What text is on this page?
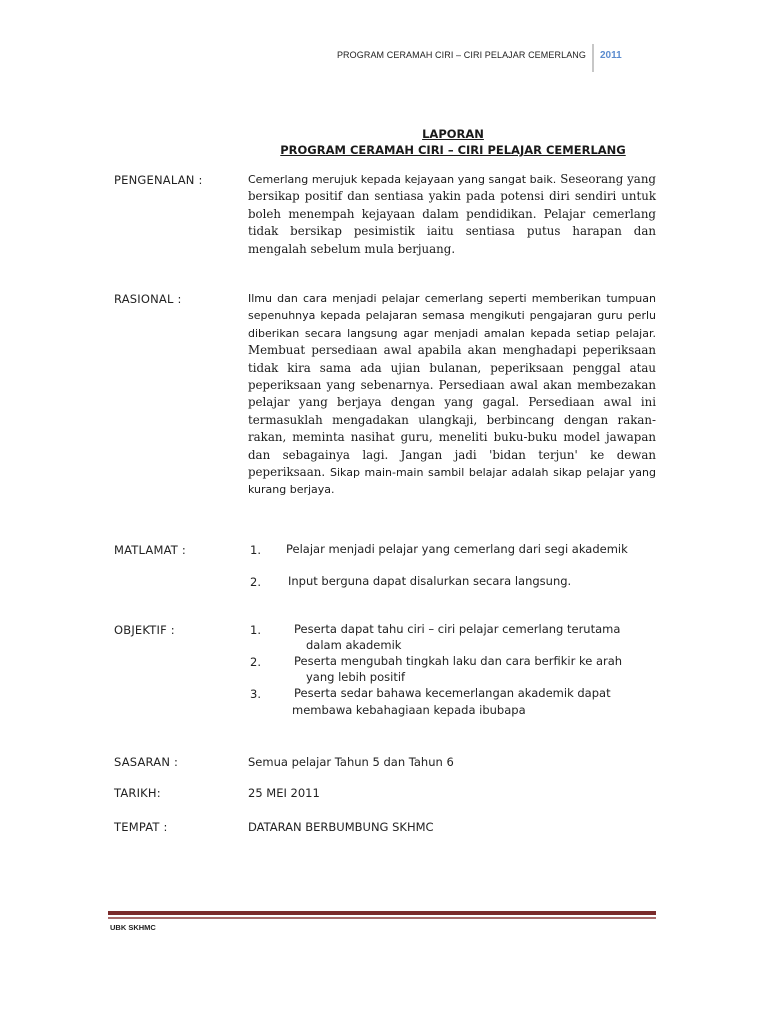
PROGRAM CERAMAH CIRI – CIRI PELAJAR CEMERLANG 2011
LAPORAN
PROGRAM CERAMAH CIRI – CIRI PELAJAR CEMERLANG
PENGENALAN :	Cemerlang merujuk kepada kejayaan yang sangat baik. Seseorang yang bersikap positif dan sentiasa yakin pada potensi diri sendiri untuk boleh menempah kejayaan dalam pendidikan. Pelajar cemerlang tidak bersikap pesimistik iaitu sentiasa putus harapan dan mengalah sebelum mula berjuang.
RASIONAL :	Ilmu dan cara menjadi pelajar cemerlang seperti memberikan tumpuan sepenuhnya kepada pelajaran semasa mengikuti pengajaran guru perlu diberikan secara langsung agar menjadi amalan kepada setiap pelajar. Membuat persediaan awal apabila akan menghadapi peperiksaan tidak kira sama ada ujian bulanan, peperiksaan penggal atau peperiksaan yang sebenarnya. Persediaan awal akan membezakan pelajar yang berjaya dengan yang gagal. Persediaan awal ini termasuklah mengadakan ulangkaji, berbincang dengan rakan-rakan, meminta nasihat guru, meneliti buku-buku model jawapan dan sebagainya lagi. Jangan jadi 'bidan terjun' ke dewan peperiksaan. Sikap main-main sambil belajar adalah sikap pelajar yang kurang berjaya.
MATLAMAT :	1. Pelajar menjadi pelajar yang cemerlang dari segi akademik
2. Input berguna dapat disalurkan secara langsung.
OBJEKTIF :	1.	Peserta dapat tahu ciri – ciri pelajar cemerlang terutama
dalam akademik
2.	Peserta mengubah tingkah laku dan cara berfikir ke arah
yang lebih positif
3.	Peserta sedar bahawa kecemerlangan akademik dapat
membawa kebahagiaan kepada ibubapa
SASARAN :	Semua pelajar Tahun 5 dan Tahun 6
TARIKH:	25 MEI 2011
TEMPAT :	DATARAN BERBUMBUNG SKHMC
UBK SKHMC
